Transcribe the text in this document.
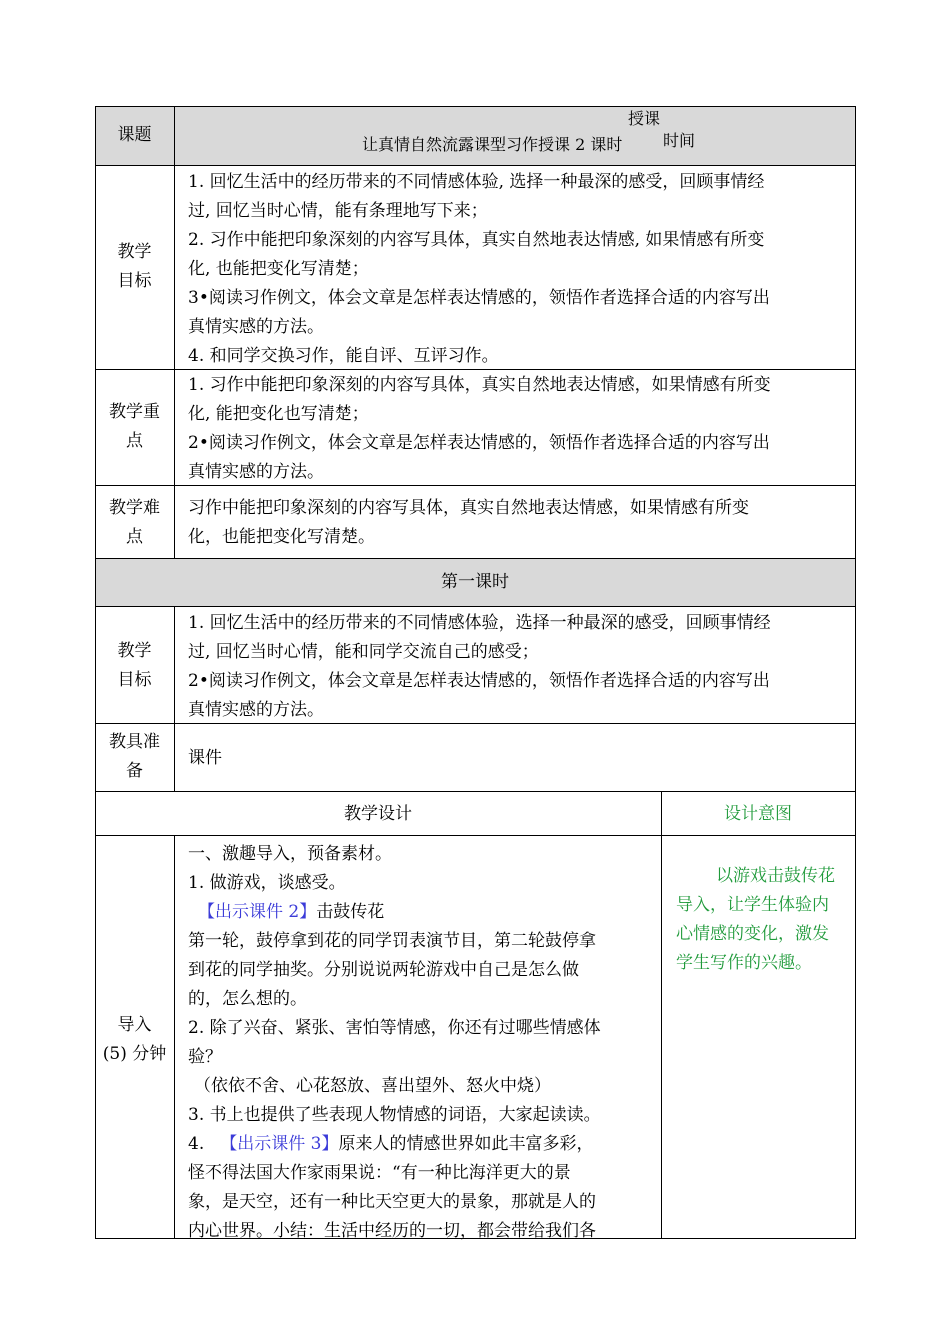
课题	让真情自然流露课型习作授课 2 课时

授课

时间

教学
目标

1. 回忆生活中的经历带来的不同情感体验, 选择一种最深的感受，回顾事情经

过, 回忆当时心情，能有条理地写下来；

2. 习作中能把印象深刻的内容写具体，真实自然地表达情感, 如果情感有所变

化, 也能把变化写清楚；

3•阅读习作例文，体会文章是怎样表达情感的，领悟作者选择合适的内容写出

真情实感的方法。

4. 和同学交换习作，能自评、互评习作。

教学重
点

1. 习作中能把印象深刻的内容写具体，真实自然地表达情感，如果情感有所变

化, 能把变化也写清楚；

2•阅读习作例文，体会文章是怎样表达情感的，领悟作者选择合适的内容写出

真情实感的方法。

教学难
点

习作中能把印象深刻的内容写具体，真实自然地表达情感，如果情感有所变

化，也能把变化写清楚。

第一课时
教学
目标

1. 回忆生活中的经历带来的不同情感体验，选择一种最深的感受，回顾事情经

过, 回忆当时心情，能和同学交流自己的感受；

2•阅读习作例文，体会文章是怎样表达情感的，领悟作者选择合适的内容写出

真情实感的方法。

教具准
备
课件
教学设计	设计意图
导入
(5) 分钟

一、激趣导入，预备素材。

1. 做游戏，谈感受。

【出示课件 2】击鼓传花

第一轮，鼓停拿到花的同学罚表演节目，第二轮鼓停拿

到花的同学抽奖。分别说说两轮游戏中自己是怎么做

的，怎么想的。

2. 除了兴奋、紧张、害怕等情感，你还有过哪些情感体

验？

（依依不舍、心花怒放、喜出望外、怒火中烧）

3. 书上也提供了些表现人物情感的词语，大家起读读。

4. 【出示课件 3】原来人的情感世界如此丰富多彩，

怪不得法国大作家雨果说：“有一种比海洋更大的景

象，是天空，还有一种比天空更大的景象，那就是人的

内心世界。小结：生活中经历的一切，都会带给我们各

以游戏击鼓传花

导入，让学生体验内

心情感的变化，激发

学生写作的兴趣。
